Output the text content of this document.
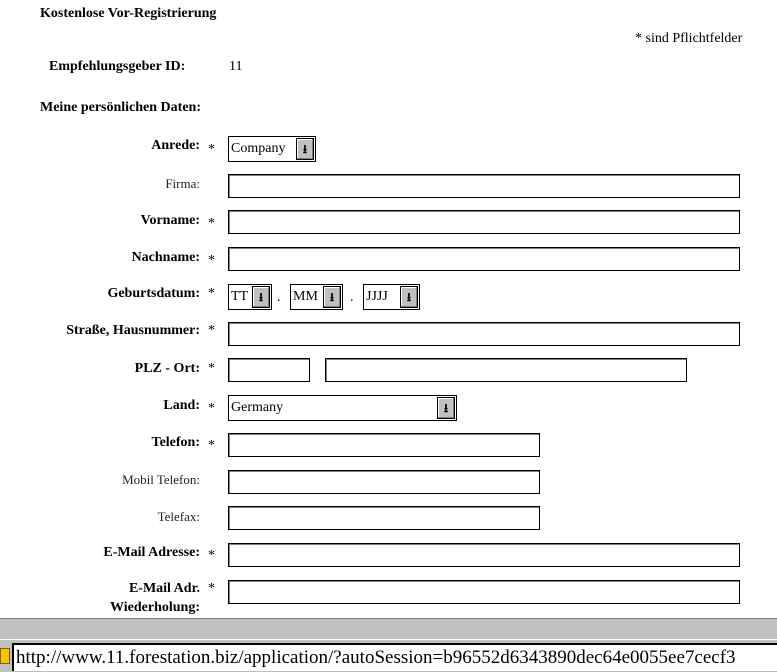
Kostenlose Vor-Registrierung
* sind Pflichtfelder
Empfehlungsgeber ID:	11
Meine persönlichen Daten:
Anrede: * Company	⭳
Firma:
Vorname: *
Nachname: *
Geburtsdatum: * TT ⭳ . MM ⭳	. JJJJ	⭳
Straße, Hausnummer: *
PLZ - Ort: *
Land: * Germany	⭳
Telefon: *
Mobil Telefon:
Telefax:
E-Mail Adresse: *
E-Mail Adr.
Wiederholung:
*
http://www.11.forestation.biz/application/?autoSession=b96552d6343890dec64e0055ee7cecf3
